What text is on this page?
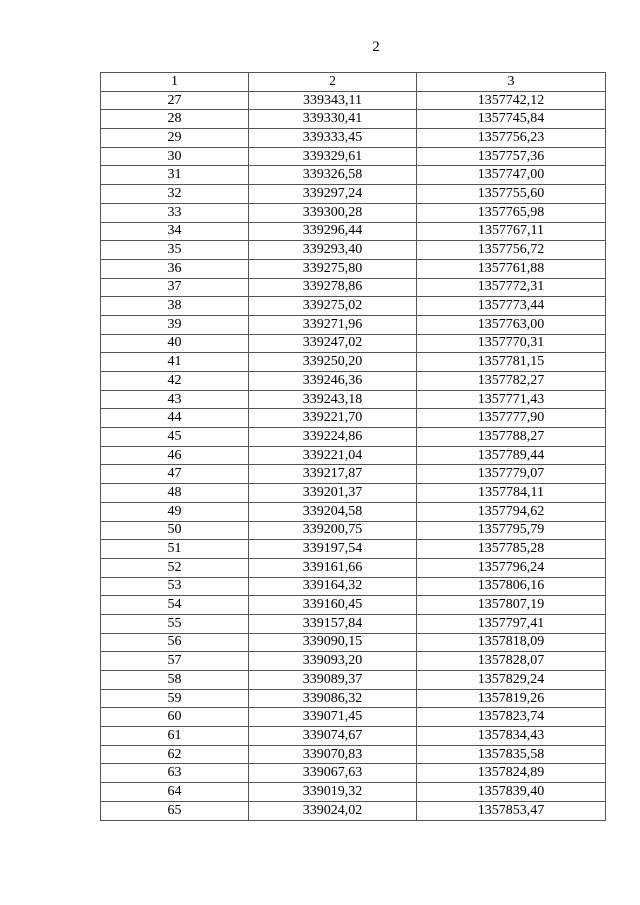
2
1	2	3
27	339343,11	1357742,12
28	339330,41	1357745,84
29	339333,45	1357756,23
30	339329,61	1357757,36
31	339326,58	1357747,00
32	339297,24	1357755,60
33	339300,28	1357765,98
34	339296,44	1357767,11
35	339293,40	1357756,72
36	339275,80	1357761,88
37	339278,86	1357772,31
38	339275,02	1357773,44
39	339271,96	1357763,00
40	339247,02	1357770,31
41	339250,20	1357781,15
42	339246,36	1357782,27
43	339243,18	1357771,43
44	339221,70	1357777,90
45	339224,86	1357788,27
46	339221,04	1357789,44
47	339217,87	1357779,07
48	339201,37	1357784,11
49	339204,58	1357794,62
50	339200,75	1357795,79
51	339197,54	1357785,28
52	339161,66	1357796,24
53	339164,32	1357806,16
54	339160,45	1357807,19
55	339157,84	1357797,41
56	339090,15	1357818,09
57	339093,20	1357828,07
58	339089,37	1357829,24
59	339086,32	1357819,26
60	339071,45	1357823,74
61	339074,67	1357834,43
62	339070,83	1357835,58
63	339067,63	1357824,89
64	339019,32	1357839,40
65	339024,02	1357853,47
